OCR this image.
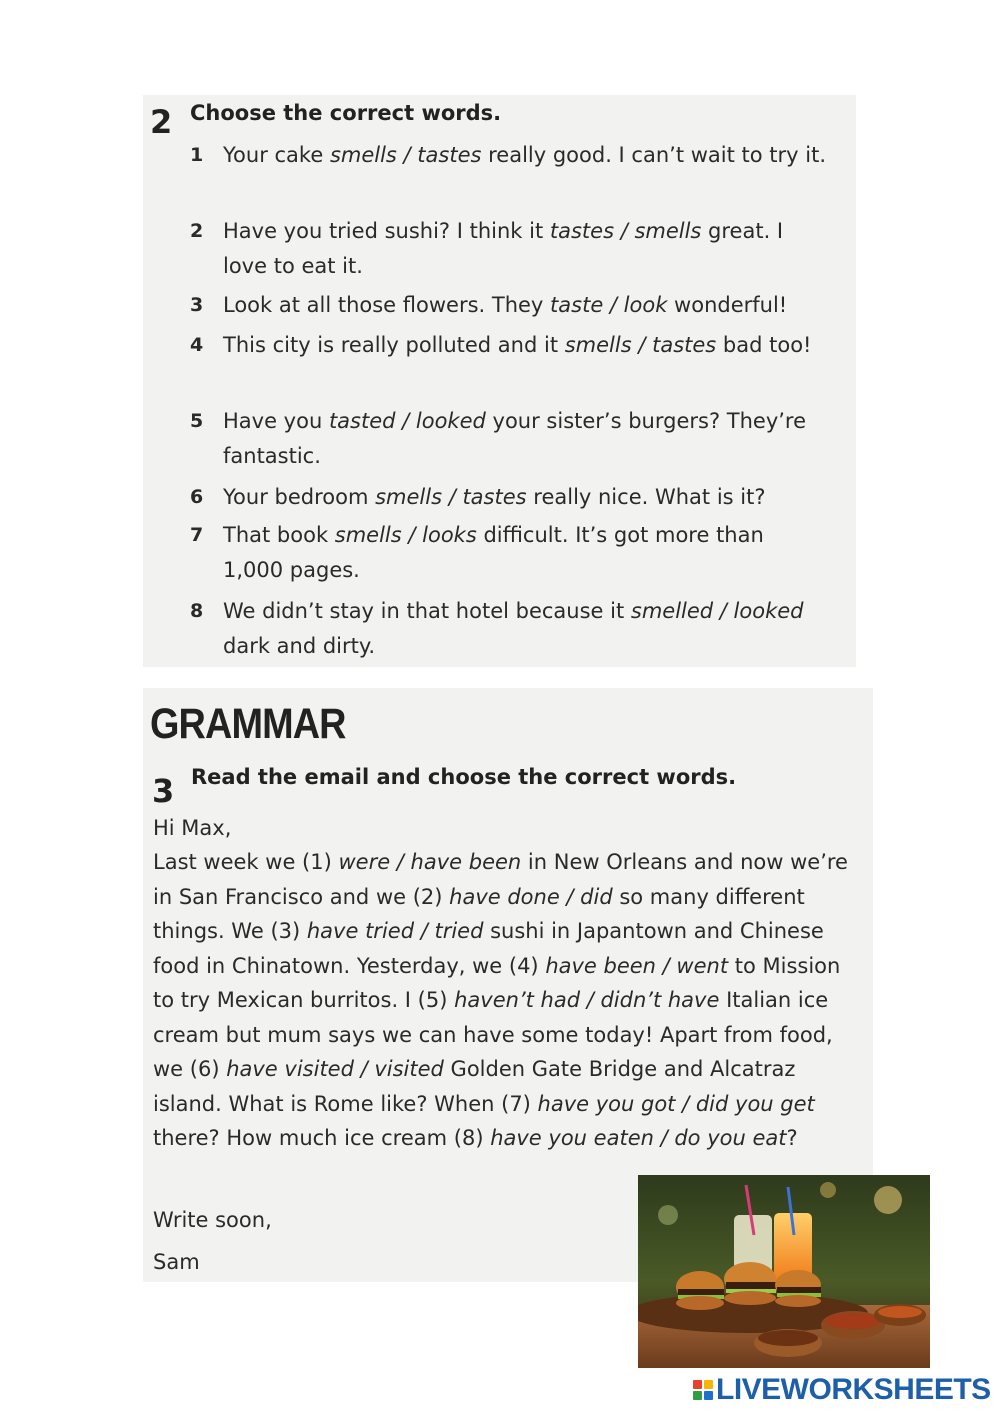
2 Choose the correct words.
1 Your cake smells / tastes really good. I can’t wait to try it.
2 Have you tried sushi? I think it tastes / smells great. I love to eat it.
3 Look at all those flowers. They taste / look wonderful!
4 This city is really polluted and it smells / tastes bad too!
5 Have you tasted / looked your sister’s burgers? They’re fantastic.
6 Your bedroom smells / tastes really nice. What is it?
7 That book smells / looks difficult. It’s got more than 1,000 pages.
8 We didn’t stay in that hotel because it smelled / looked dark and dirty.
GRAMMAR
3 Read the email and choose the correct words.
Hi Max,
Last week we (1) were / have been in New Orleans and now we’re in San Francisco and we (2) have done / did so many different things. We (3) have tried / tried sushi in Japantown and Chinese food in Chinatown. Yesterday, we (4) have been / went to Mission to try Mexican burritos. I (5) haven’t had / didn’t have Italian ice cream but mum says we can have some today! Apart from food, we (6) have visited / visited Golden Gate Bridge and Alcatraz island. What is Rome like? When (7) have you got / did you get there? How much ice cream (8) have you eaten / do you eat?
Write soon,
Sam
LIVEWORKSHEETS
